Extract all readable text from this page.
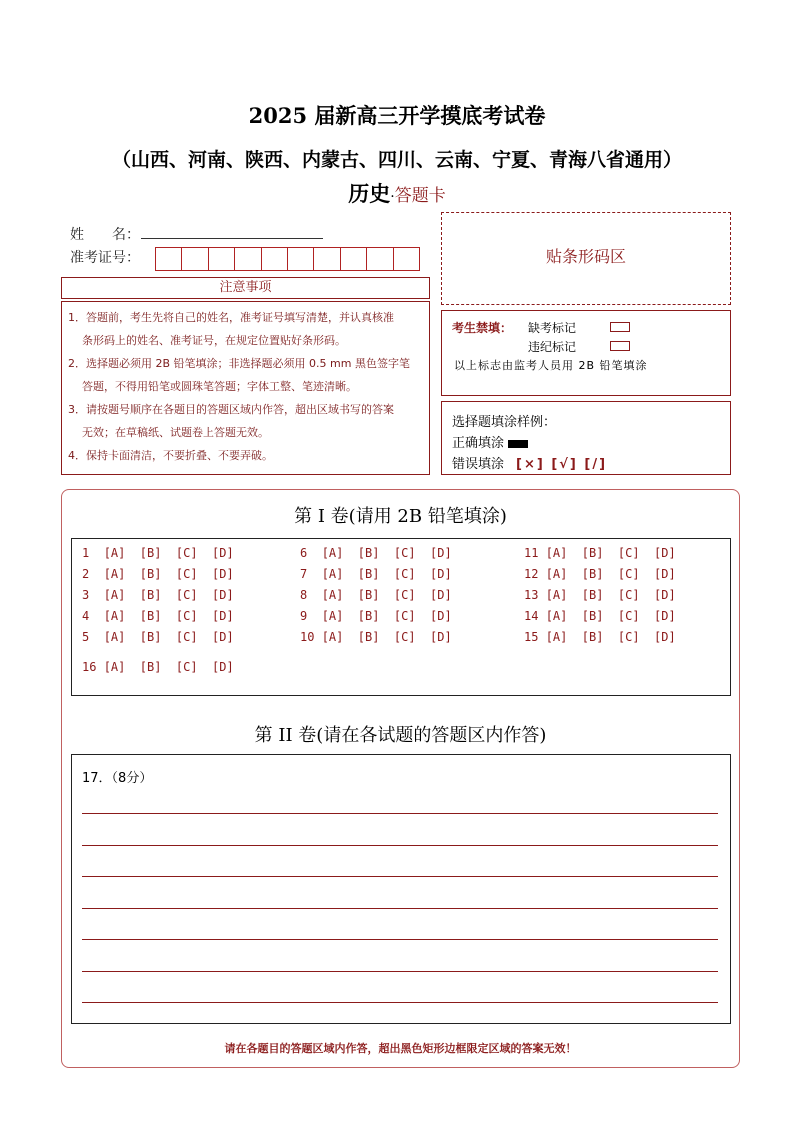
2025 届新高三开学摸底考试卷
（山西、河南、陕西、内蒙古、四川、云南、宁夏、青海八省通用）
历史·答题卡
姓　　名：
准考证号：
注意事项
1．答题前，考生先将自己的姓名，准考证号填写清楚，并认真核准
条形码上的姓名、准考证号，在规定位置贴好条形码。
2．选择题必须用 2B 铅笔填涂；非选择题必须用 0.5 mm 黑色签字笔
答题，不得用铅笔或圆珠笔答题；字体工整、笔迹清晰。
3．请按题号顺序在各题目的答题区域内作答，超出区域书写的答案
无效；在草稿纸、试题卷上答题无效。
4．保持卡面清洁，不要折叠、不要弄破。
贴条形码区
考生禁填： 缺考标记
违纪标记
以上标志由监考人员用 2B 铅笔填涂
选择题填涂样例：
正确填涂
错误填涂 [×] [√] [/]
第 I 卷(请用 2B 铅笔填涂)
1  [A]  [B]  [C]  [D]
2  [A]  [B]  [C]  [D]
3  [A]  [B]  [C]  [D]
4  [A]  [B]  [C]  [D]
5  [A]  [B]  [C]  [D]
6  [A]  [B]  [C]  [D]
7  [A]  [B]  [C]  [D]
8  [A]  [B]  [C]  [D]
9  [A]  [B]  [C]  [D]
10 [A]  [B]  [C]  [D]
11 [A]  [B]  [C]  [D]
12 [A]  [B]  [C]  [D]
13 [A]  [B]  [C]  [D]
14 [A]  [B]  [C]  [D]
15 [A]  [B]  [C]  [D]
16 [A]  [B]  [C]  [D]
第 II 卷(请在各试题的答题区内作答)
17．（8分）
请在各题目的答题区域内作答，超出黑色矩形边框限定区域的答案无效！
